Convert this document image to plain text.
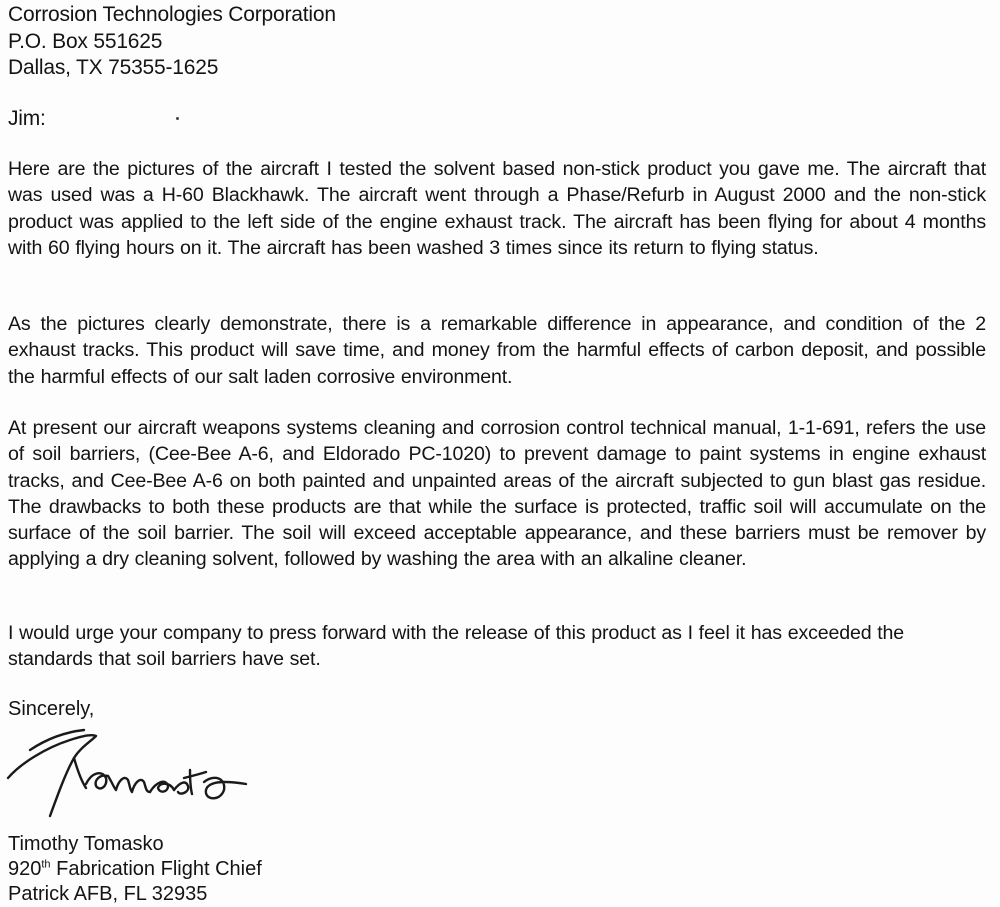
Corrosion Technologies Corporation
P.O. Box 551625
Dallas, TX 75355-1625
Jim:
Here are the pictures of the aircraft I tested the solvent based non-stick product you gave me. The aircraft that was used was a H-60 Blackhawk. The aircraft went through a Phase/Refurb in August 2000 and the non-stick product was applied to the left side of the engine exhaust track. The aircraft has been flying for about 4 months with 60 flying hours on it. The aircraft has been washed 3 times since its return to flying status.
As the pictures clearly demonstrate, there is a remarkable difference in appearance, and condition of the 2 exhaust tracks. This product will save time, and money from the harmful effects of carbon deposit, and possible the harmful effects of our salt laden corrosive environment.
At present our aircraft weapons systems cleaning and corrosion control technical manual, 1-1-691, refers the use of soil barriers, (Cee-Bee A-6, and Eldorado PC-1020) to prevent damage to paint systems in engine exhaust tracks, and Cee-Bee A-6 on both painted and unpainted areas of the aircraft subjected to gun blast gas residue. The drawbacks to both these products are that while the surface is protected, traffic soil will accumulate on the surface of the soil barrier. The soil will exceed acceptable appearance, and these barriers must be remover by applying a dry cleaning solvent, followed by washing the area with an alkaline cleaner.
I would urge your company to press forward with the release of this product as I feel it has exceeded the standards that soil barriers have set.
Sincerely,
Timothy Tomasko
920th Fabrication Flight Chief
Patrick AFB, FL 32935
